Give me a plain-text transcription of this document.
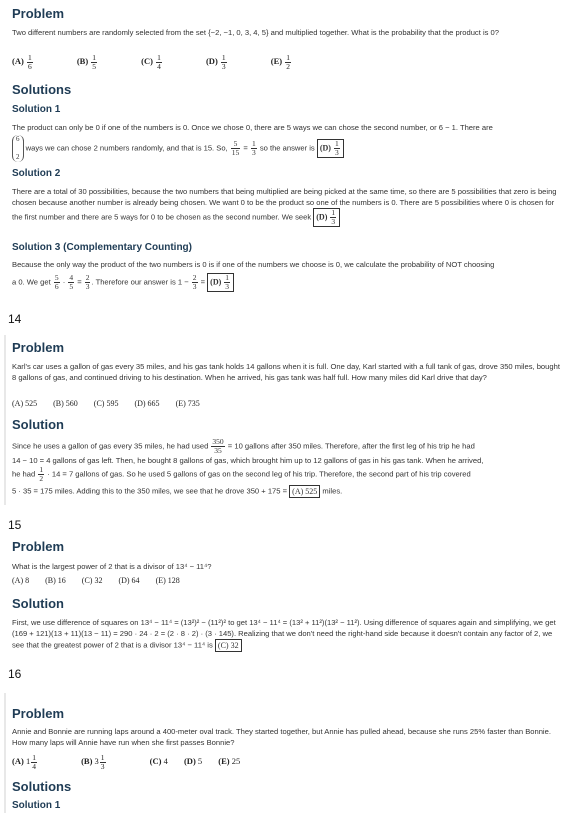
Problem

Two different numbers are randomly selected from the set {−2, −1, 0, 3, 4, 5} and multiplied together. What is the probability that the product is 0?

$(A) \frac{1}{6}$	$(B) \frac{1}{5}$	$(C) \frac{1}{4}$	$(D) \frac{1}{3}$	$(E) \frac{1}{2}$
Solutions
Solution 1

The product can only be 0 if one of the numbers is 0. Once we chose 0, there are 5 ways we can chose the second number, or 6 − 1. There are

6

2 ways we can chose 2 numbers randomly, and that is 15. So, $\frac{5}{15} = \frac{1}{3}$ so the answer is $(D) \frac{1}{3}$

Solution 2

There are a total of 30 possibilities, because the two numbers that being multiplied are being picked at the same time, so there are 5 possibilities that zero is being chosen because another number is already being chosen. We want 0 to be the product so one of the numbers is 0. There are 5 possibilities where 0 is chosen for the first number and there are 5 ways for 0 to be chosen as the second number. We seek $(D) \frac{1}{3}$

Solution 3 (Complementary Counting)

Because the only way the product of the two numbers is 0 is if one of the numbers we choose is 0, we calculate the probability of NOT choosing

a 0. We get $\frac{5}{6} \cdot \frac{4}{5} = \frac{2}{3}$ . Therefore our answer is $1 - \frac{2}{3} = (D) \frac{1}{3}$

14
Problem

Karl's car uses a gallon of gas every 35 miles, and his gas tank holds 14 gallons when it is full. One day, Karl started with a full tank of gas, drove 350 miles, bought 8 gallons of gas, and continued driving to his destination. When he arrived, his gas tank was half full. How many miles did Karl drive that day?

(A) 525 (B) 560 (C) 595 (D) 665 (E) 735
Solution

Since he uses a gallon of gas every 35 miles, he had used $\frac{350}{35} = 10$ gallons after 350 miles. Therefore, after the first leg of his trip he had

14 − 10 = 4 gallons of gas left. Then, he bought 8 gallons of gas, which brought him up to 12 gallons of gas in his gas tank. When he arrived,

he had $\frac{1}{2} \cdot 14 = 7$ gallons of gas. So he used 5 gallons of gas on the second leg of his trip. Therefore, the second part of his trip covered

5 · 35 = 175 miles. Adding this to the 350 miles, we see that he drove 350 + 175 = (A) 525 miles.

15
Problem

What is the largest power of 2 that is a divisor of 13⁴ − 11⁴?

(A) 8 (B) 16 (C) 32 (D) 64 (E) 128
Solution

First, we use difference of squares on 13⁴ − 11⁴ = (13²)² − (11²)² to get 13⁴ − 11⁴ = (13² + 11²)(13² − 11²). Using difference of squares again and simplifying, we get (169 + 121)(13 + 11)(13 − 11) = 290 · 24 · 2 = (2 · 8 · 2) · (3 · 145). Realizing that we don't need the right-hand side because it doesn't contain any factor of 2, we see that the greatest power of 2 that is a divisor 13⁴ − 11⁴ is (C) 32

16
Problem

Annie and Bonnie are running laps around a 400-meter oval track. They started together, but Annie has pulled ahead, because she runs 25% faster than Bonnie. How many laps will Annie have run when she first passes Bonnie?

(A) $1 \frac{1}{4}$	(B) $3 \frac{1}{3}$	(C) 4 (D) 5 (E) 25
Solutions
Solution 1
